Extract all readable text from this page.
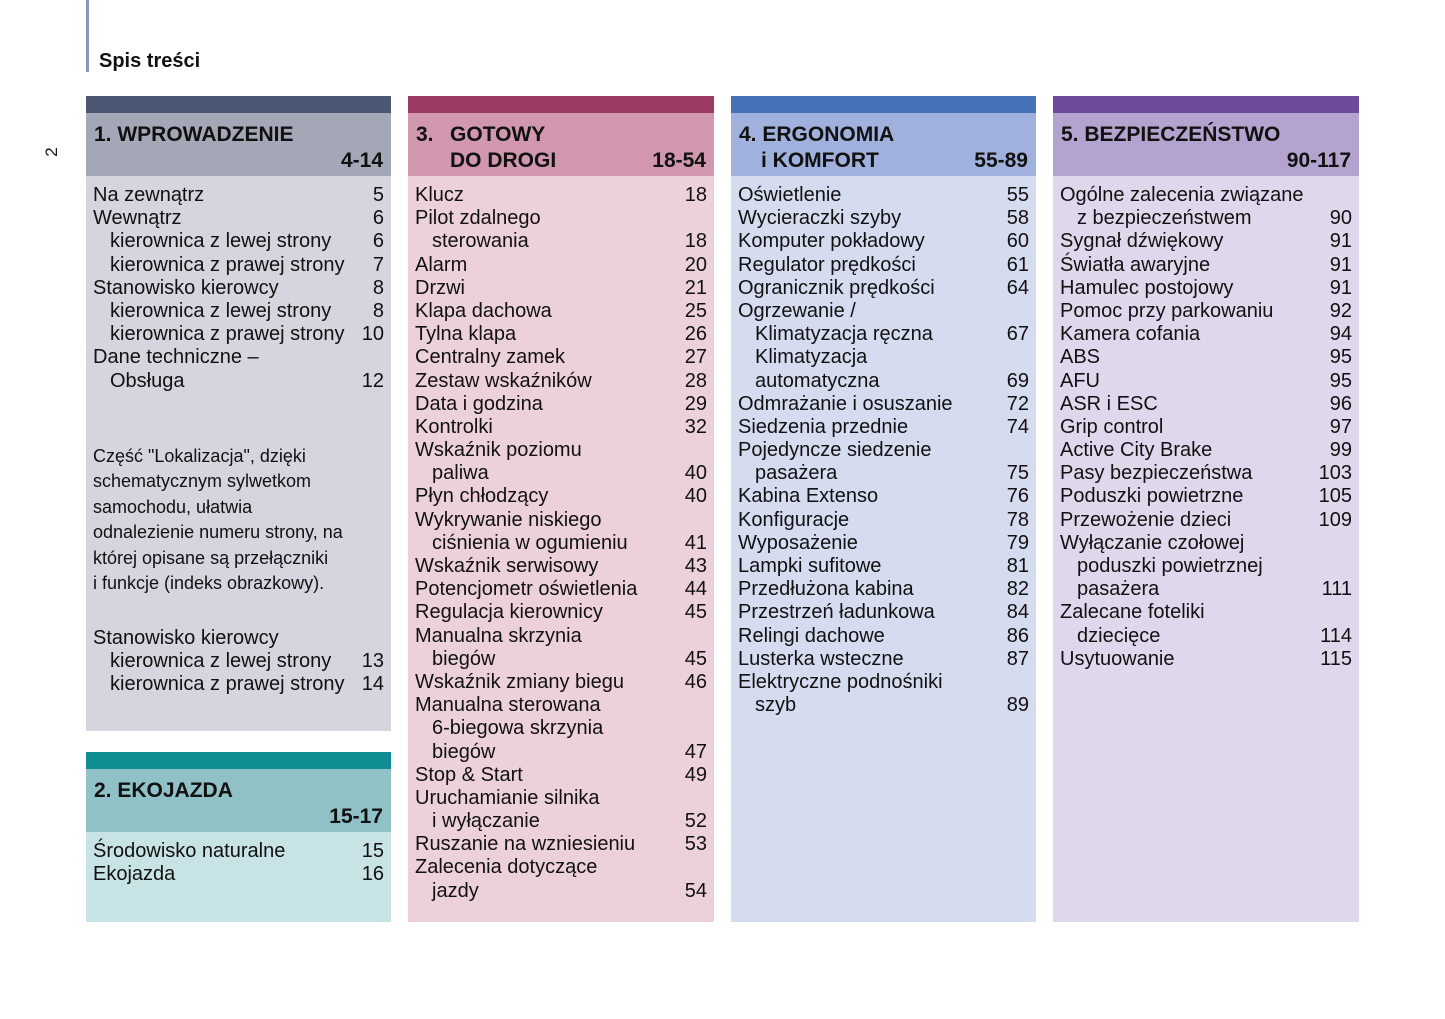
Spis treści
2
1. WPROWADZENIE
4-14
Na zewnątrz	5
Wewnątrz	6
kierownica z lewej strony 6
kierownica z prawej strony 7
Stanowisko kierowcy	8
kierownica z lewej strony 8
kierownica z prawej strony 10
Dane techniczne –
Obsługa	12
Część "Lokalizacja", dzięki
schematycznym sylwetkom
samochodu, ułatwia
odnalezienie numeru strony, na
której opisane są przełączniki
i funkcje (indeks obrazkowy).
Stanowisko kierowcy
kierownica z lewej strony 13
kierownica z prawej strony 14
2. EKOJAZDA
15-17
Środowisko naturalne	15
Ekojazda	16
3. GOTOWY
DO DROGI	18-54
Klucz	18
Pilot zdalnego
sterowania	18
Alarm	20
Drzwi	21
Klapa dachowa	25
Tylna klapa	26
Centralny zamek	27
Zestaw wskaźników	28
Data i godzina	29
Kontrolki	32
Wskaźnik poziomu
paliwa	40
Płyn chłodzący	40
Wykrywanie niskiego
ciśnienia w ogumieniu	41
Wskaźnik serwisowy	43
Potencjometr oświetlenia 44
Regulacja kierownicy	45
Manualna skrzynia
biegów	45
Wskaźnik zmiany biegu	46
Manualna sterowana
6-biegowa skrzynia
biegów	47
Stop & Start	49
Uruchamianie silnika
i wyłączanie	52
Ruszanie na wzniesieniu 53
Zalecenia dotyczące
jazdy	54
4. ERGONOMIA
i KOMFORT	55-89
Oświetlenie	55
Wycieraczki szyby	58
Komputer pokładowy	60
Regulator prędkości	61
Ogranicznik prędkości	64
Ogrzewanie /
Klimatyzacja ręczna	67
Klimatyzacja
automatyczna	69
Odmrażanie i osuszanie	72
Siedzenia przednie	74
Pojedyncze siedzenie
pasażera	75
Kabina Extenso	76
Konfiguracje	78
Wyposażenie	79
Lampki sufitowe	81
Przedłużona kabina	82
Przestrzeń ładunkowa	84
Relingi dachowe	86
Lusterka wsteczne	87
Elektryczne podnośniki
szyb	89
5. BEZPIECZEŃSTWO
90-117
Ogólne zalecenia związane
z bezpieczeństwem	90
Sygnał dźwiękowy	91
Światła awaryjne	91
Hamulec postojowy	91
Pomoc przy parkowaniu	92
Kamera cofania	94
ABS	95
AFU	95
ASR i ESC	96
Grip control	97
Active City Brake	99
Pasy bezpieczeństwa	103
Poduszki powietrzne	105
Przewożenie dzieci	109
Wyłączanie czołowej
poduszki powietrznej
pasażera	111
Zalecane foteliki
dziecięce	114
Usytuowanie	115
